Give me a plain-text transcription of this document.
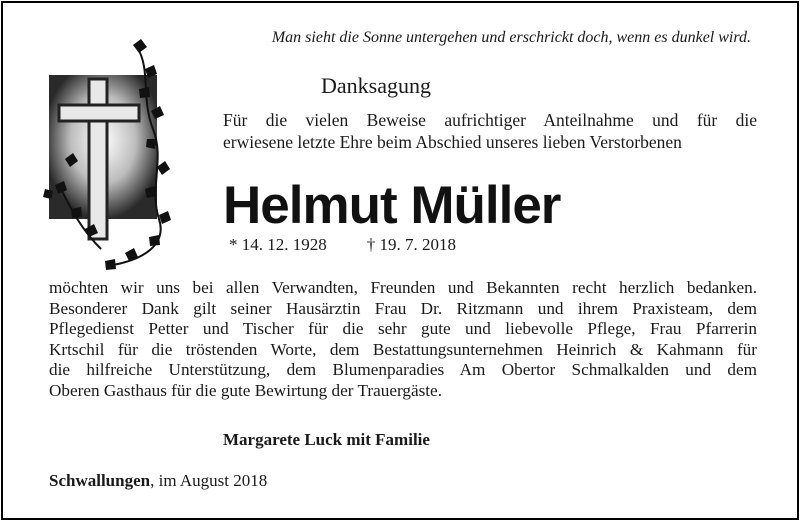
Man sieht die Sonne untergehen und erschrickt doch, wenn es dunkel wird.

Danksagung

Für die vielen Beweise aufrichtiger Anteilnahme und für die
erwiesene letzte Ehre beim Abschied unseres lieben Verstorbenen

Helmut Müller

* 14. 12. 1928 † 19. 7. 2018

möchten wir uns bei allen Verwandten, Freunden und Bekannten recht herzlich bedanken.
Besonderer Dank gilt seiner Hausärztin Frau Dr. Ritzmann und ihrem Praxisteam, dem
Pflegedienst Petter und Tischer für die sehr gute und liebevolle Pflege, Frau Pfarrerin
Krtschil für die tröstenden Worte, dem Bestattungsunternehmen Heinrich & Kahmann für
die hilfreiche Unterstützung, dem Blumenparadies Am Obertor Schmalkalden und dem
Oberen Gasthaus für die gute Bewirtung der Trauergäste.

Margarete Luck mit Familie

Schwallungen, im August 2018
